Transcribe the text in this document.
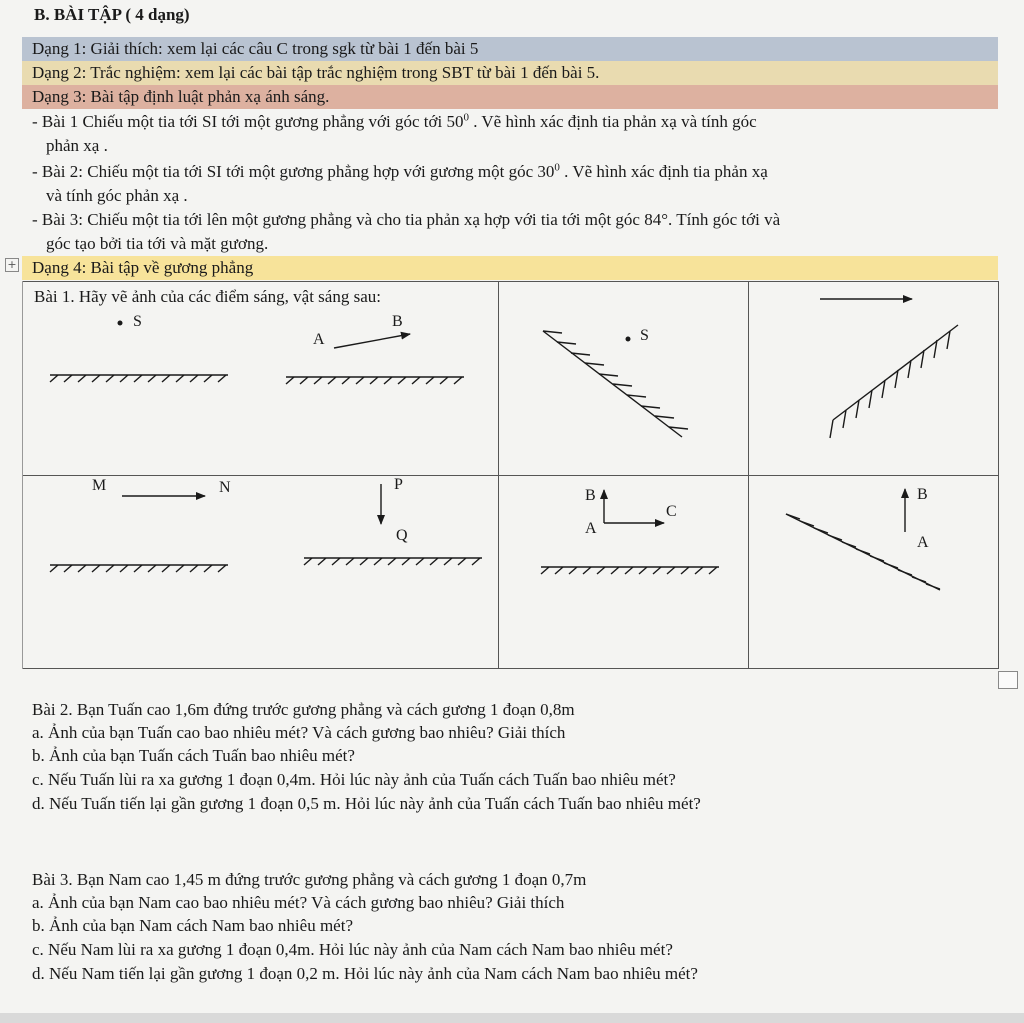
B. BÀI TẬP ( 4 dạng)
Dạng 1: Giải thích: xem lại các câu C trong sgk từ bài 1 đến bài 5
Dạng 2: Trắc nghiệm: xem lại các bài tập trắc nghiệm trong SBT từ bài 1 đến bài 5.
Dạng 3: Bài tập định luật phản xạ ánh sáng.
- Bài 1 Chiếu một tia tới SI tới một gương phẳng với góc tới $50^0$ . Vẽ hình xác định tia phản xạ và tính góc
phản xạ .
- Bài 2: Chiếu một tia tới SI tới một gương phẳng hợp với gương một góc $30^0$ . Vẽ hình xác định tia phản xạ
và tính góc phản xạ .
- Bài 3: Chiếu một tia tới lên một gương phẳng và cho tia phản xạ hợp với tia tới một góc 84°. Tính góc tới và
góc tạo bởi tia tới và mặt gương.
Dạng 4: Bài tập về gương phẳng
+
Bài 1. Hãy vẽ ảnh của các điểm sáng, vật sáng sau:
S
A
B
S
M	N	P
Q
B
A
C
B
A
Bài 2. Bạn Tuấn cao 1,6m đứng trước gương phẳng và cách gương 1 đoạn 0,8m
a. Ảnh của bạn Tuấn cao bao nhiêu mét? Và cách gương bao nhiêu? Giải thích
b. Ảnh của bạn Tuấn cách Tuấn bao nhiêu mét?
c. Nếu Tuấn lùi ra xa gương 1 đoạn 0,4m. Hỏi lúc này ảnh của Tuấn cách Tuấn bao nhiêu mét?
d. Nếu Tuấn tiến lại gần gương 1 đoạn 0,5 m. Hỏi lúc này ảnh của Tuấn cách Tuấn bao nhiêu mét?
Bài 3. Bạn Nam cao 1,45 m đứng trước gương phẳng và cách gương 1 đoạn 0,7m
a. Ảnh của bạn Nam cao bao nhiêu mét? Và cách gương bao nhiêu? Giải thích
b. Ảnh của bạn Nam cách Nam bao nhiêu mét?
c. Nếu Nam lùi ra xa gương 1 đoạn 0,4m. Hỏi lúc này ảnh của Nam cách Nam bao nhiêu mét?
d. Nếu Nam tiến lại gần gương 1 đoạn 0,2 m. Hỏi lúc này ảnh của Nam cách Nam bao nhiêu mét?
